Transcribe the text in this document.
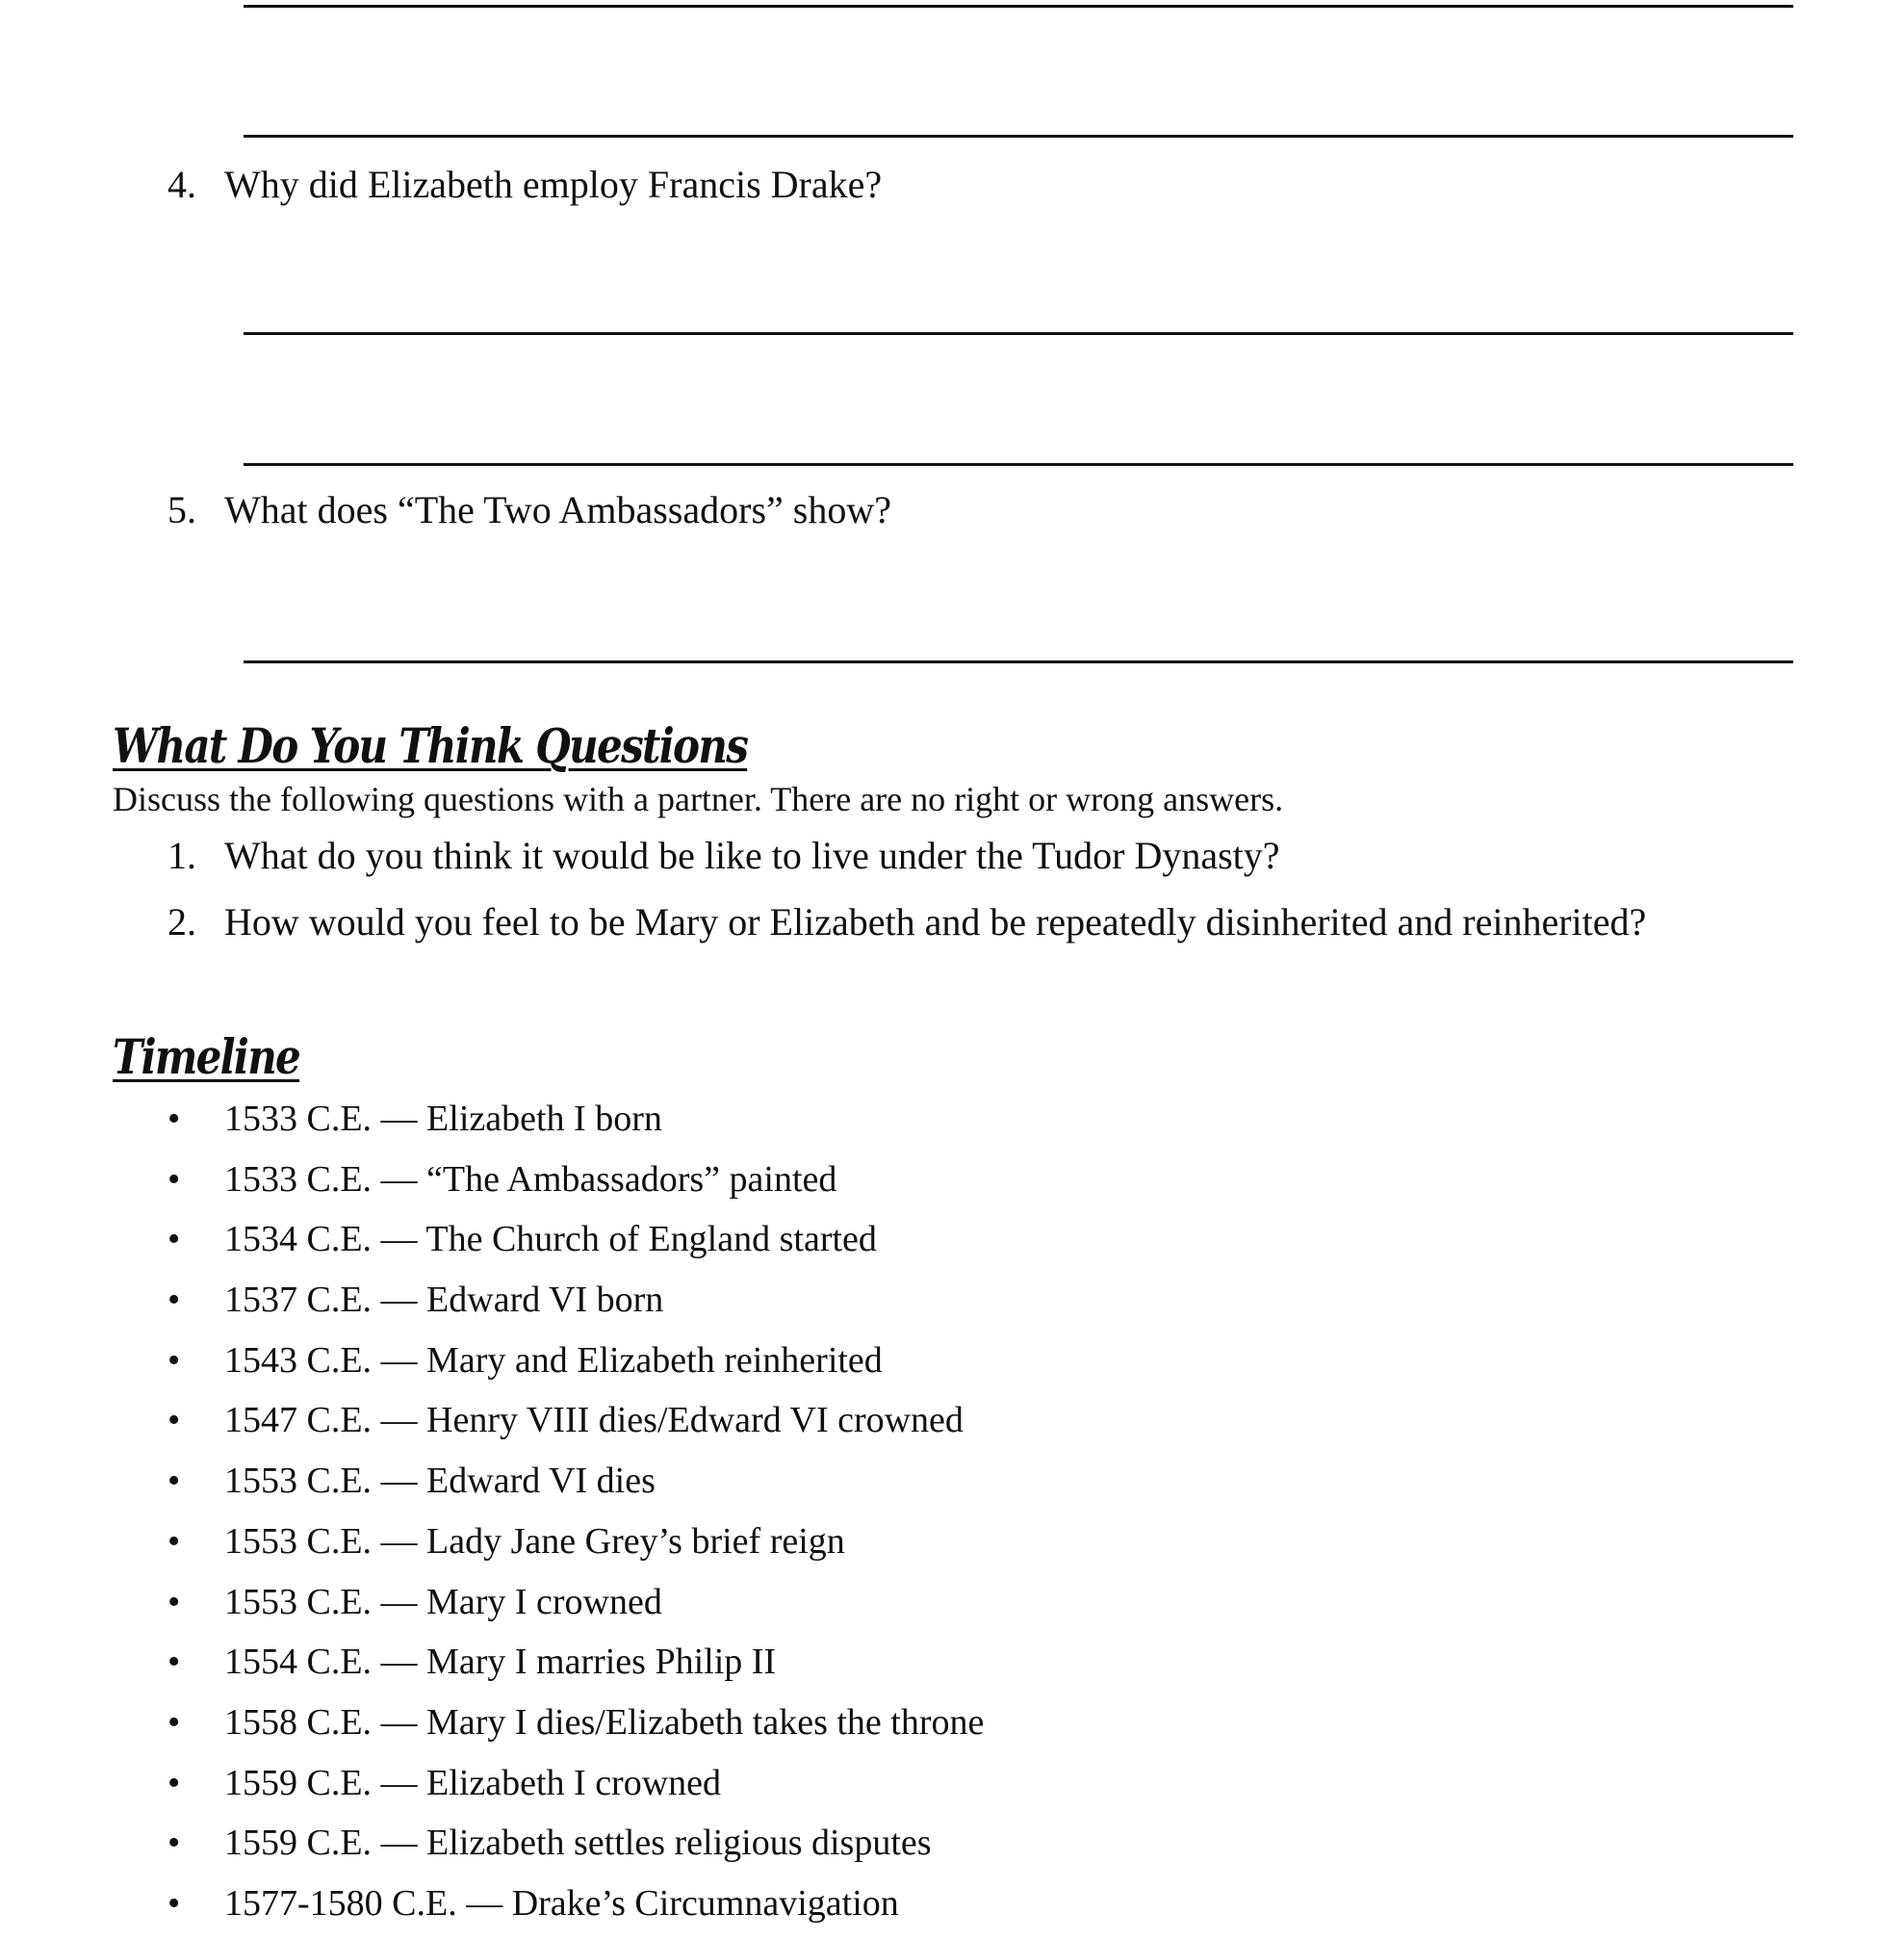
4. Why did Elizabeth employ Francis Drake?
5. What does “The Two Ambassadors” show?
What Do You Think Questions
Discuss the following questions with a partner. There are no right or wrong answers.
1. What do you think it would be like to live under the Tudor Dynasty?
2. How would you feel to be Mary or Elizabeth and be repeatedly disinherited and reinherited?
Timeline
• 1533 C.E. — Elizabeth I born
• 1533 C.E. — “The Ambassadors” painted
• 1534 C.E. — The Church of England started
• 1537 C.E. — Edward VI born
• 1543 C.E. — Mary and Elizabeth reinherited
• 1547 C.E. — Henry VIII dies/Edward VI crowned
• 1553 C.E. — Edward VI dies
• 1553 C.E. — Lady Jane Grey’s brief reign
• 1553 C.E. — Mary I crowned
• 1554 C.E. — Mary I marries Philip II
• 1558 C.E. — Mary I dies/Elizabeth takes the throne
• 1559 C.E. — Elizabeth I crowned
• 1559 C.E. — Elizabeth settles religious disputes
• 1577-1580 C.E. — Drake’s Circumnavigation
